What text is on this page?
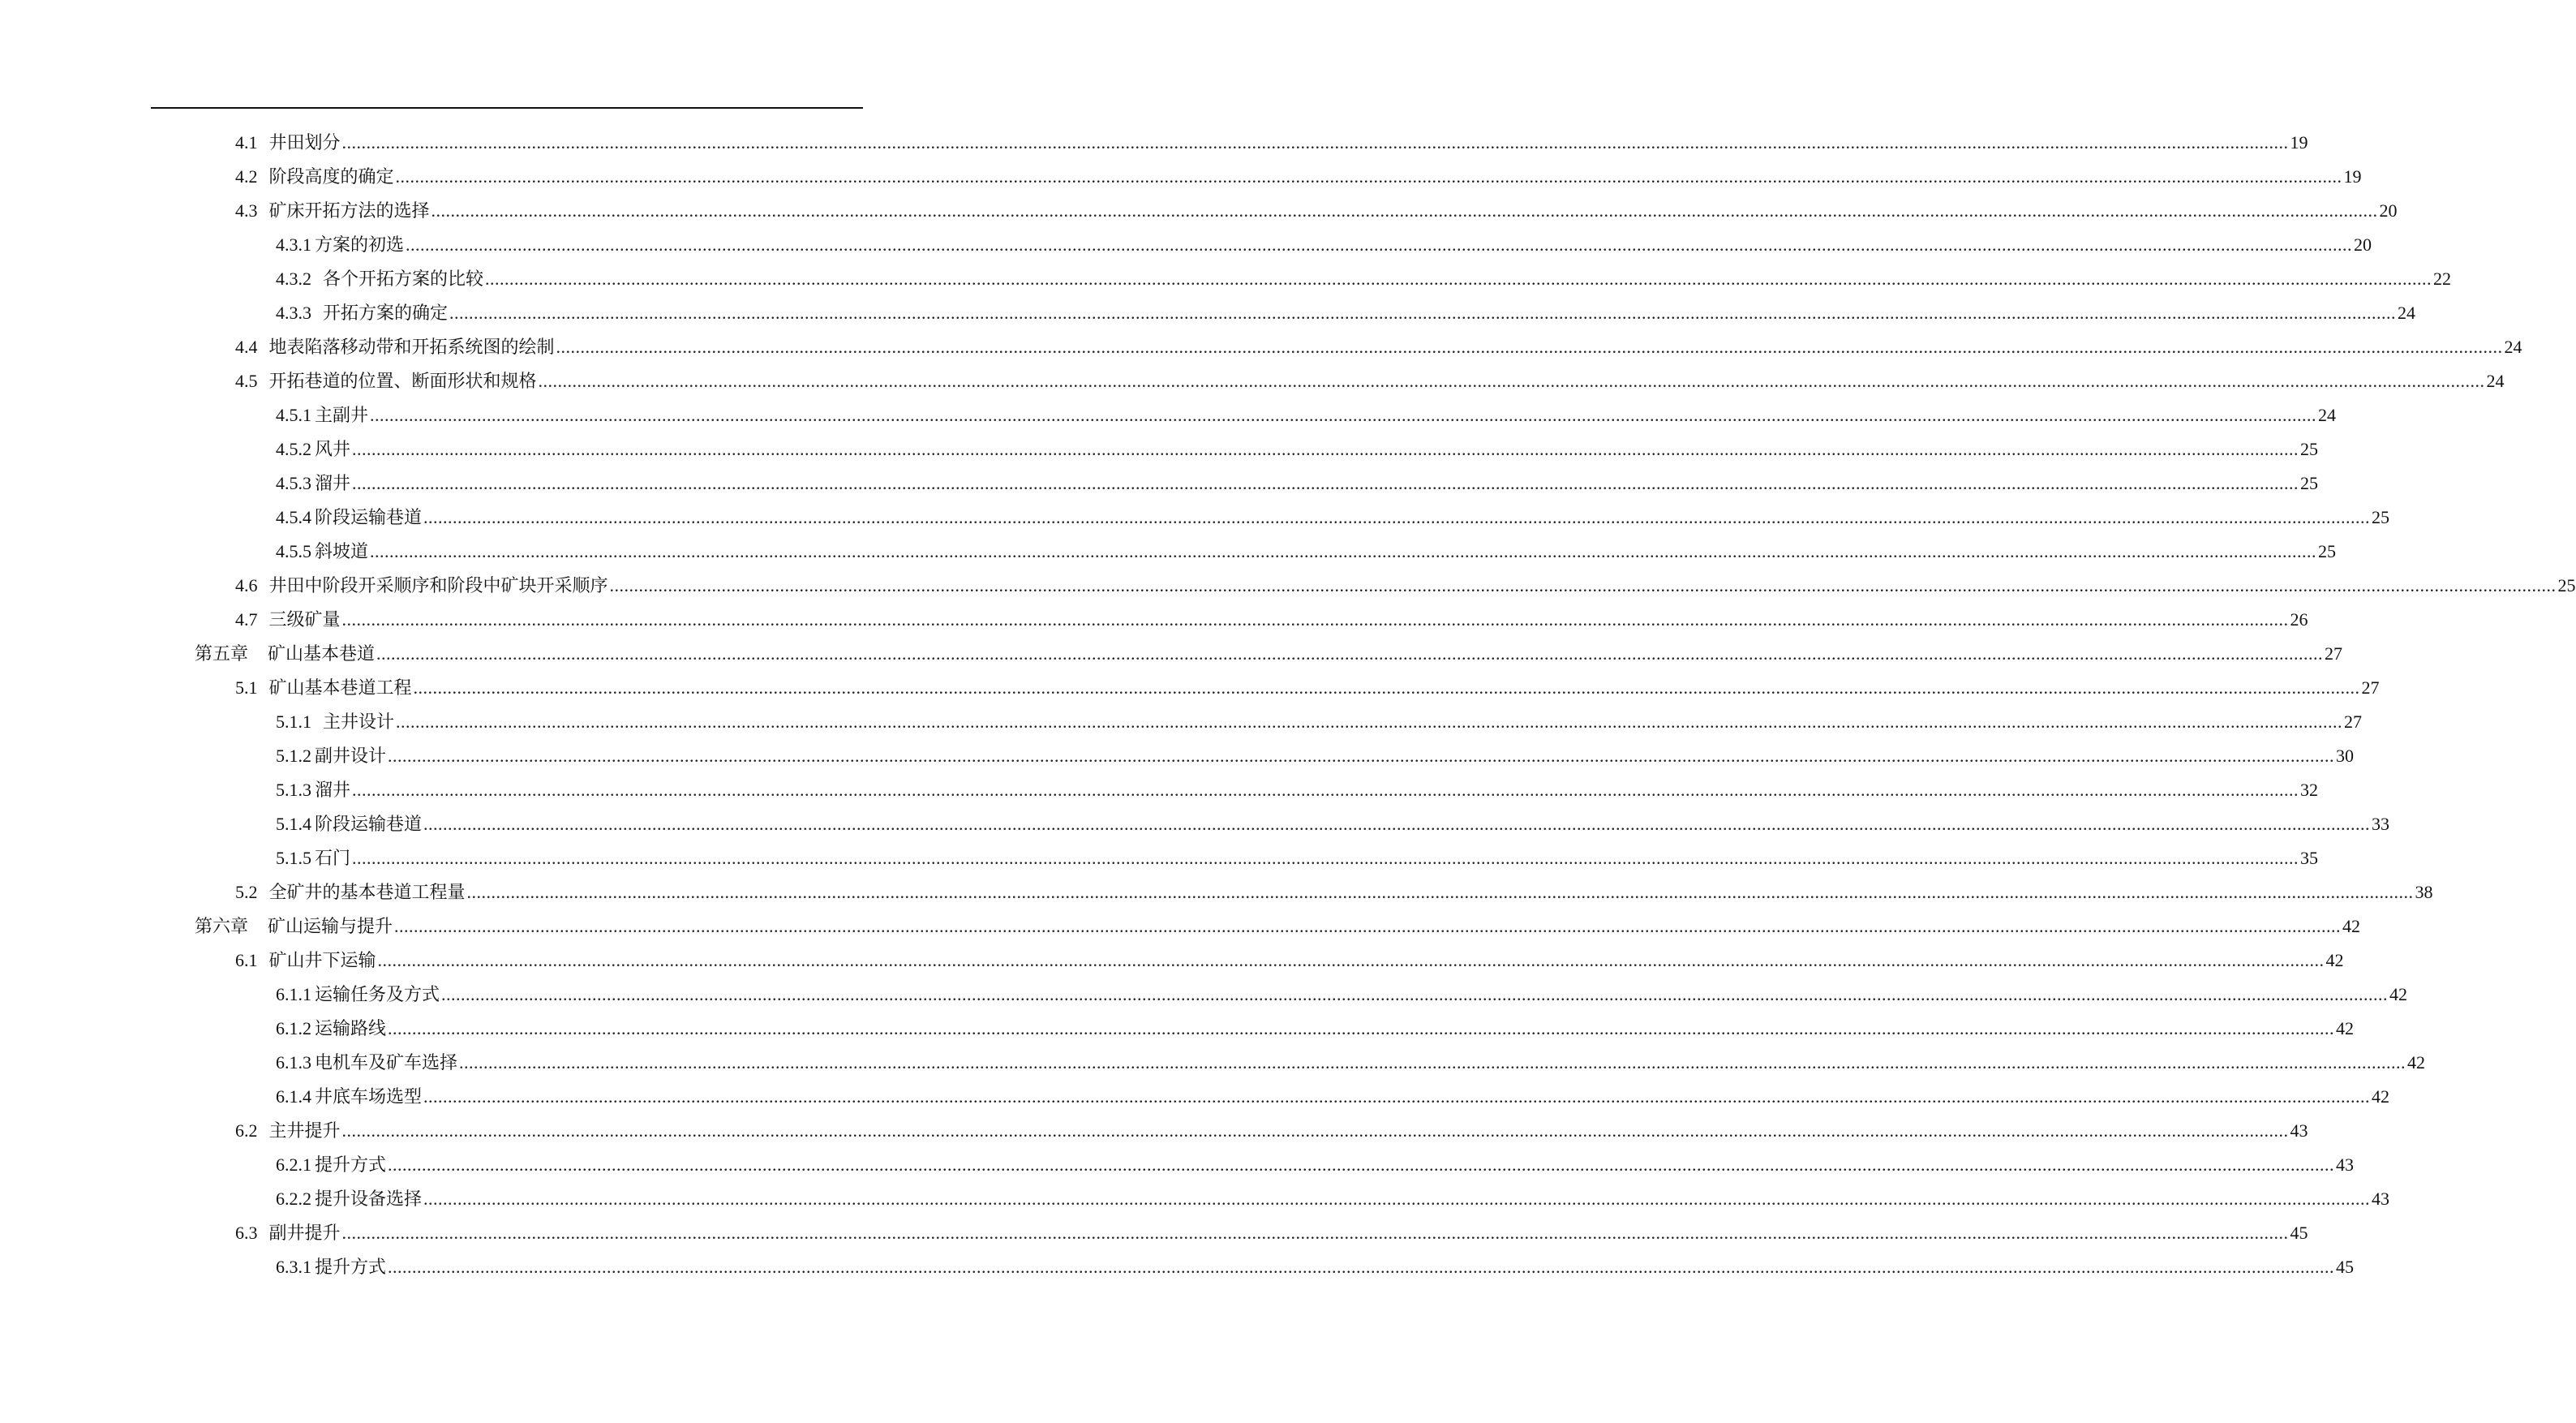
4.1 井田划分 ................................................................................................................................................................................................................................................................................................................................................................................................................ 19
4.2 阶段高度的确定 ................................................................................................................................................................................................................................................................................................................................................................................................................ 19
4.3 矿床开拓方法的选择 ................................................................................................................................................................................................................................................................................................................................................................................................................ 20
4.3.1 方案的初选 ................................................................................................................................................................................................................................................................................................................................................................................................................ 20
4.3.2 各个开拓方案的比较 ................................................................................................................................................................................................................................................................................................................................................................................................................ 22
4.3.3 开拓方案的确定 ................................................................................................................................................................................................................................................................................................................................................................................................................ 24
4.4 地表陷落移动带和开拓系统图的绘制 ................................................................................................................................................................................................................................................................................................................................................................................................................ 24
4.5 开拓巷道的位置、断面形状和规格 ................................................................................................................................................................................................................................................................................................................................................................................................................ 24
4.5.1 主副井 ................................................................................................................................................................................................................................................................................................................................................................................................................ 24
4.5.2 风井 ................................................................................................................................................................................................................................................................................................................................................................................................................ 25
4.5.3 溜井 ................................................................................................................................................................................................................................................................................................................................................................................................................ 25
4.5.4 阶段运输巷道 ................................................................................................................................................................................................................................................................................................................................................................................................................ 25
4.5.5 斜坡道 ................................................................................................................................................................................................................................................................................................................................................................................................................ 25
4.6 井田中阶段开采顺序和阶段中矿块开采顺序 ................................................................................................................................................................................................................................................................................................................................................................................................................ 25
4.7 三级矿量 ................................................................................................................................................................................................................................................................................................................................................................................................................ 26
第五章 矿山基本巷道 ................................................................................................................................................................................................................................................................................................................................................................................................................ 27
5.1 矿山基本巷道工程 ................................................................................................................................................................................................................................................................................................................................................................................................................ 27
5.1.1 主井设计 ................................................................................................................................................................................................................................................................................................................................................................................................................ 27
5.1.2 副井设计 ................................................................................................................................................................................................................................................................................................................................................................................................................ 30
5.1.3 溜井 ................................................................................................................................................................................................................................................................................................................................................................................................................ 32
5.1.4 阶段运输巷道 ................................................................................................................................................................................................................................................................................................................................................................................................................ 33
5.1.5 石门 ................................................................................................................................................................................................................................................................................................................................................................................................................ 35
5.2 全矿井的基本巷道工程量 ................................................................................................................................................................................................................................................................................................................................................................................................................ 38
第六章 矿山运输与提升 ................................................................................................................................................................................................................................................................................................................................................................................................................ 42
6.1 矿山井下运输 ................................................................................................................................................................................................................................................................................................................................................................................................................ 42
6.1.1 运输任务及方式 ................................................................................................................................................................................................................................................................................................................................................................................................................ 42
6.1.2 运输路线 ................................................................................................................................................................................................................................................................................................................................................................................................................ 42
6.1.3 电机车及矿车选择 ................................................................................................................................................................................................................................................................................................................................................................................................................ 42
6.1.4 井底车场选型 ................................................................................................................................................................................................................................................................................................................................................................................................................ 42
6.2 主井提升 ................................................................................................................................................................................................................................................................................................................................................................................................................ 43
6.2.1 提升方式 ................................................................................................................................................................................................................................................................................................................................................................................................................ 43
6.2.2 提升设备选择 ................................................................................................................................................................................................................................................................................................................................................................................................................ 43
6.3 副井提升 ................................................................................................................................................................................................................................................................................................................................................................................................................ 45
6.3.1 提升方式 ................................................................................................................................................................................................................................................................................................................................................................................................................ 45
